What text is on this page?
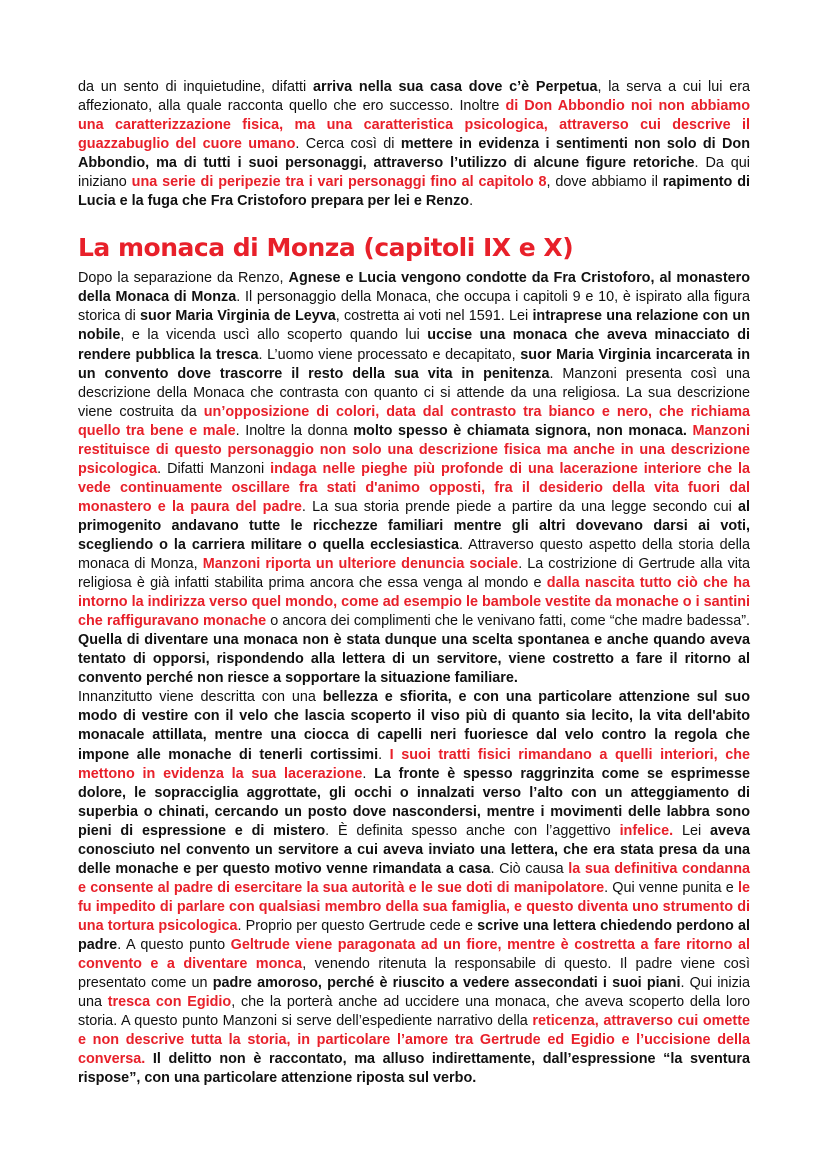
da un sento di inquietudine, difatti arriva nella sua casa dove c’è Perpetua, la serva a cui lui era affezionato, alla quale racconta quello che ero successo. Inoltre di Don Abbondio noi non abbiamo una caratterizzazione fisica, ma una caratteristica psicologica, attraverso cui descrive il guazzabuglio del cuore umano. Cerca così di mettere in evidenza i sentimenti non solo di Don Abbondio, ma di tutti i suoi personaggi, attraverso l’utilizzo di alcune figure retoriche. Da qui iniziano una serie di peripezie tra i vari personaggi fino al capitolo 8, dove abbiamo il rapimento di Lucia e la fuga che Fra Cristoforo prepara per lei e Renzo.

La monaca di Monza (capitoli IX e X)

Dopo la separazione da Renzo, Agnese e Lucia vengono condotte da Fra Cristoforo, al monastero della Monaca di Monza. Il personaggio della Monaca, che occupa i capitoli 9 e 10, è ispirato alla figura storica di suor Maria Virginia de Leyva, costretta ai voti nel 1591. Lei intraprese una relazione con un nobile, e la vicenda uscì allo scoperto quando lui uccise una monaca che aveva minacciato di rendere pubblica la tresca. L’uomo viene processato e decapitato, suor Maria Virginia incarcerata in un convento dove trascorre il resto della sua vita in penitenza. Manzoni presenta così una descrizione della Monaca che contrasta con quanto ci si attende da una religiosa. La sua descrizione viene costruita da un’opposizione di colori, data dal contrasto tra bianco e nero, che richiama quello tra bene e male. Inoltre la donna molto spesso è chiamata signora, non monaca. Manzoni restituisce di questo personaggio non solo una descrizione fisica ma anche in una descrizione psicologica. Difatti Manzoni indaga nelle pieghe più profonde di una lacerazione interiore che la vede continuamente oscillare fra stati d'animo opposti, fra il desiderio della vita fuori dal monastero e la paura del padre. La sua storia prende piede a partire da una legge secondo cui al primogenito andavano tutte le ricchezze familiari mentre gli altri dovevano darsi ai voti, scegliendo o la carriera militare o quella ecclesiastica. Attraverso questo aspetto della storia della monaca di Monza, Manzoni riporta un ulteriore denuncia sociale. La costrizione di Gertrude alla vita religiosa è già infatti stabilita prima ancora che essa venga al mondo e dalla nascita tutto ciò che ha intorno la indirizza verso quel mondo, come ad esempio le bambole vestite da monache o i santini che raffiguravano monache o ancora dei complimenti che le venivano fatti, come “che madre badessa”. Quella di diventare una monaca non è stata dunque una scelta spontanea e anche quando aveva tentato di opporsi, rispondendo alla lettera di un servitore, viene costretto a fare il ritorno al convento perché non riesce a sopportare la situazione familiare.

Innanzitutto viene descritta con una bellezza e sfiorita, e con una particolare attenzione sul suo modo di vestire con il velo che lascia scoperto il viso più di quanto sia lecito, la vita dell'abito monacale attillata, mentre una ciocca di capelli neri fuoriesce dal velo contro la regola che impone alle monache di tenerli cortissimi. I suoi tratti fisici rimandano a quelli interiori, che mettono in evidenza la sua lacerazione. La fronte è spesso raggrinzita come se esprimesse dolore, le sopracciglia aggrottate, gli occhi o innalzati verso l’alto con un atteggiamento di superbia o chinati, cercando un posto dove nascondersi, mentre i movimenti delle labbra sono pieni di espressione e di mistero. È definita spesso anche con l’aggettivo infelice. Lei aveva conosciuto nel convento un servitore a cui aveva inviato una lettera, che era stata presa da una delle monache e per questo motivo venne rimandata a casa. Ciò causa la sua definitiva condanna e consente al padre di esercitare la sua autorità e le sue doti di manipolatore. Qui venne punita e le fu impedito di parlare con qualsiasi membro della sua famiglia, e questo diventa uno strumento di una tortura psicologica. Proprio per questo Gertrude cede e scrive una lettera chiedendo perdono al padre. A questo punto Geltrude viene paragonata ad un fiore, mentre è costretta a fare ritorno al convento e a diventare monca, venendo ritenuta la responsabile di questo. Il padre viene così presentato come un padre amoroso, perché è riuscito a vedere assecondati i suoi piani. Qui inizia una tresca con Egidio, che la porterà anche ad uccidere una monaca, che aveva scoperto della loro storia. A questo punto Manzoni si serve dell’espediente narrativo della reticenza, attraverso cui omette e non descrive tutta la storia, in particolare l’amore tra Gertrude ed Egidio e l’uccisione della conversa. Il delitto non è raccontato, ma alluso indirettamente, dall’espressione “la sventura rispose”, con una particolare attenzione riposta sul verbo.
